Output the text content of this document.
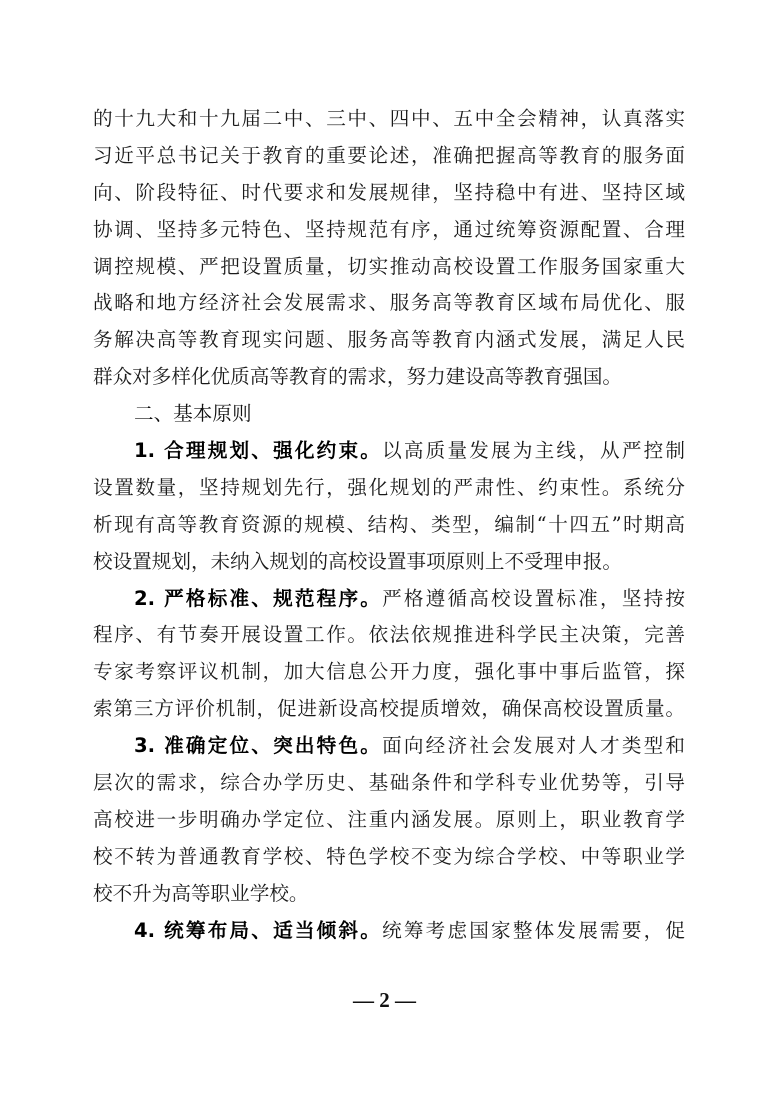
的十九大和十九届二中、三中、四中、五中全会精神，认真落实
习近平总书记关于教育的重要论述，准确把握高等教育的服务面
向、阶段特征、时代要求和发展规律，坚持稳中有进、坚持区域
协调、坚持多元特色、坚持规范有序，通过统筹资源配置、合理
调控规模、严把设置质量，切实推动高校设置工作服务国家重大
战略和地方经济社会发展需求、服务高等教育区域布局优化、服
务解决高等教育现实问题、服务高等教育内涵式发展，满足人民
群众对多样化优质高等教育的需求，努力建设高等教育强国。
二、基本原则
1. 合理规划、强化约束。以高质量发展为主线，从严控制
设置数量，坚持规划先行，强化规划的严肃性、约束性。系统分
析现有高等教育资源的规模、结构、类型，编制“十四五”时期高
校设置规划，未纳入规划的高校设置事项原则上不受理申报。
2. 严格标准、规范程序。严格遵循高校设置标准，坚持按
程序、有节奏开展设置工作。依法依规推进科学民主决策，完善
专家考察评议机制，加大信息公开力度，强化事中事后监管，探
索第三方评价机制，促进新设高校提质增效，确保高校设置质量。
3. 准确定位、突出特色。面向经济社会发展对人才类型和
层次的需求，综合办学历史、基础条件和学科专业优势等，引导
高校进一步明确办学定位、注重内涵发展。原则上，职业教育学
校不转为普通教育学校、特色学校不变为综合学校、中等职业学
校不升为高等职业学校。
4. 统筹布局、适当倾斜。统筹考虑国家整体发展需要，促
— 2 —
